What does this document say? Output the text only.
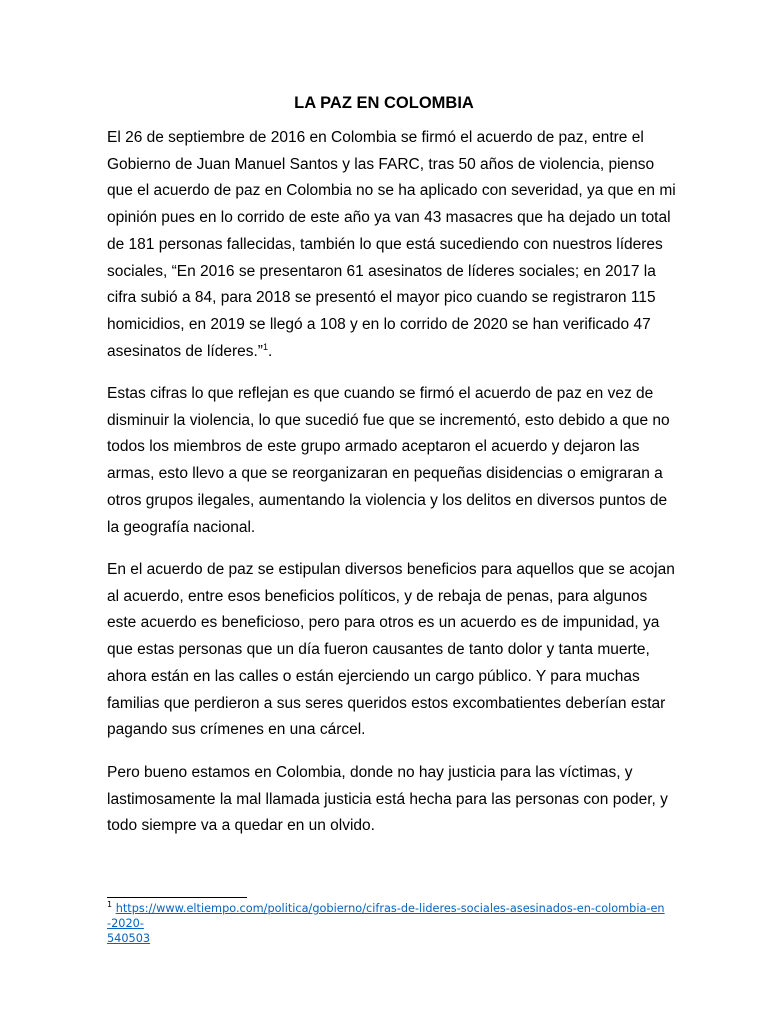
LA PAZ EN COLOMBIA

El 26 de septiembre de 2016 en Colombia se firmó el acuerdo de paz, entre el
Gobierno de Juan Manuel Santos y las FARC, tras 50 años de violencia, pienso
que el acuerdo de paz en Colombia no se ha aplicado con severidad, ya que en mi
opinión pues en lo corrido de este año ya van 43 masacres que ha dejado un total
de 181 personas fallecidas, también lo que está sucediendo con nuestros líderes
sociales, “En 2016 se presentaron 61 asesinatos de líderes sociales; en 2017 la
cifra subió a 84, para 2018 se presentó el mayor pico cuando se registraron 115
homicidios, en 2019 se llegó a 108 y en lo corrido de 2020 se han verificado 47
asesinatos de líderes.”$^1$.

Estas cifras lo que reflejan es que cuando se firmó el acuerdo de paz en vez de
disminuir la violencia, lo que sucedió fue que se incrementó, esto debido a que no
todos los miembros de este grupo armado aceptaron el acuerdo y dejaron las
armas, esto llevo a que se reorganizaran en pequeñas disidencias o emigraran a
otros grupos ilegales, aumentando la violencia y los delitos en diversos puntos de
la geografía nacional.

En el acuerdo de paz se estipulan diversos beneficios para aquellos que se acojan
al acuerdo, entre esos beneficios políticos, y de rebaja de penas, para algunos
este acuerdo es beneficioso, pero para otros es un acuerdo es de impunidad, ya
que estas personas que un día fueron causantes de tanto dolor y tanta muerte,
ahora están en las calles o están ejerciendo un cargo público. Y para muchas
familias que perdieron a sus seres queridos estos excombatientes deberían estar
pagando sus crímenes en una cárcel.

Pero bueno estamos en Colombia, donde no hay justicia para las víctimas, y
lastimosamente la mal llamada justicia está hecha para las personas con poder, y
todo siempre va a quedar en un olvido.

$^1$ https://www.eltiempo.com/politica/gobierno/cifras-de-lideres-sociales-asesinados-en-colombia-en-2020-
540503
